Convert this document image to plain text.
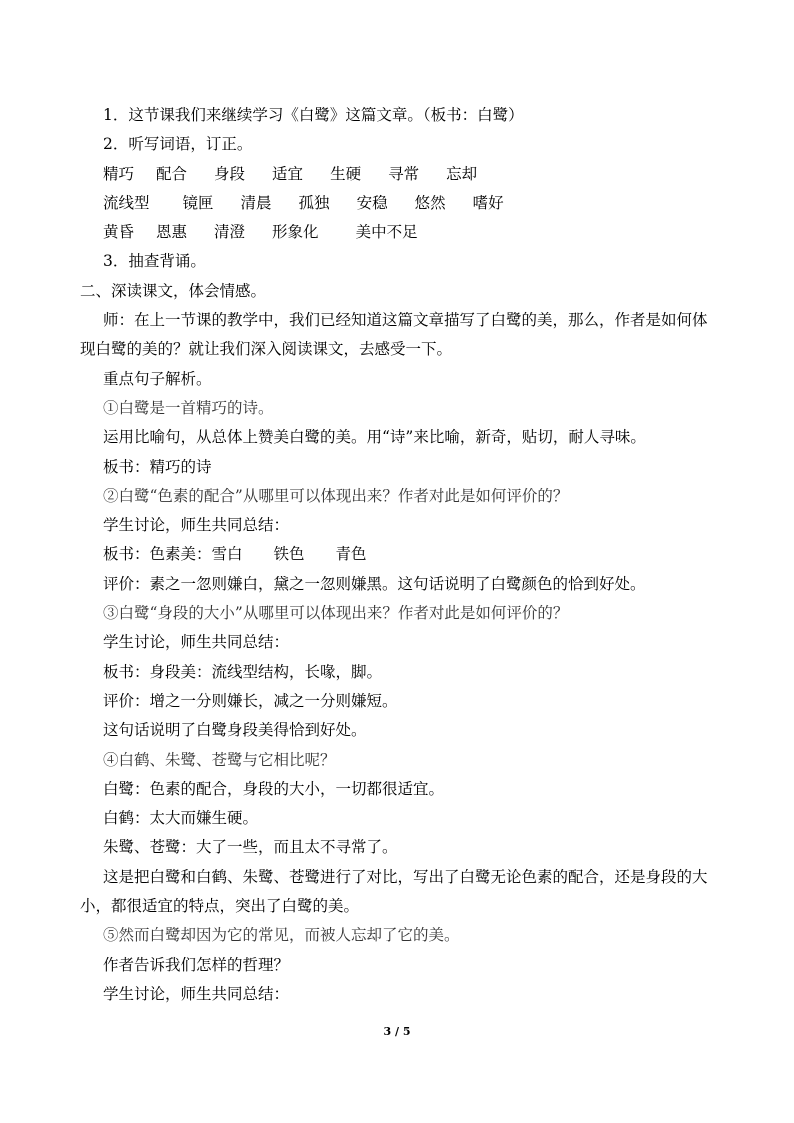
1．这节课我们来继续学习《白鹭》这篇文章。（板书：白鹭）
2．听写词语，订正。
精巧 配合 身段 适宜 生硬 寻常 忘却
流线型 镜匣 清晨 孤独 安稳 悠然 嗜好
黄昏 恩惠 清澄 形象化 美中不足
3．抽查背诵。
二、深读课文，体会情感。
师：在上一节课的教学中，我们已经知道这篇文章描写了白鹭的美，那么，作者是如何体现白鹭的美的？就让我们深入阅读课文，去感受一下。
重点句子解析。
①白鹭是一首精巧的诗。
运用比喻句，从总体上赞美白鹭的美。用“诗”来比喻，新奇，贴切，耐人寻味。
板书：精巧的诗
②白鹭“色素的配合”从哪里可以体现出来？作者对此是如何评价的？
学生讨论，师生共同总结：
板书：色素美：雪白　　铁色　　青色
评价：素之一忽则嫌白，黛之一忽则嫌黑。这句话说明了白鹭颜色的恰到好处。
③白鹭“身段的大小”从哪里可以体现出来？作者对此是如何评价的？
学生讨论，师生共同总结：
板书：身段美：流线型结构，长喙，脚。
评价：增之一分则嫌长，减之一分则嫌短。
这句话说明了白鹭身段美得恰到好处。
④白鹤、朱鹭、苍鹭与它相比呢？
白鹭：色素的配合，身段的大小，一切都很适宜。
白鹤：太大而嫌生硬。
朱鹭、苍鹭：大了一些，而且太不寻常了。
这是把白鹭和白鹤、朱鹭、苍鹭进行了对比，写出了白鹭无论色素的配合，还是身段的大小，都很适宜的特点，突出了白鹭的美。
⑤然而白鹭却因为它的常见，而被人忘却了它的美。
作者告诉我们怎样的哲理？
学生讨论，师生共同总结：
3 / 5
